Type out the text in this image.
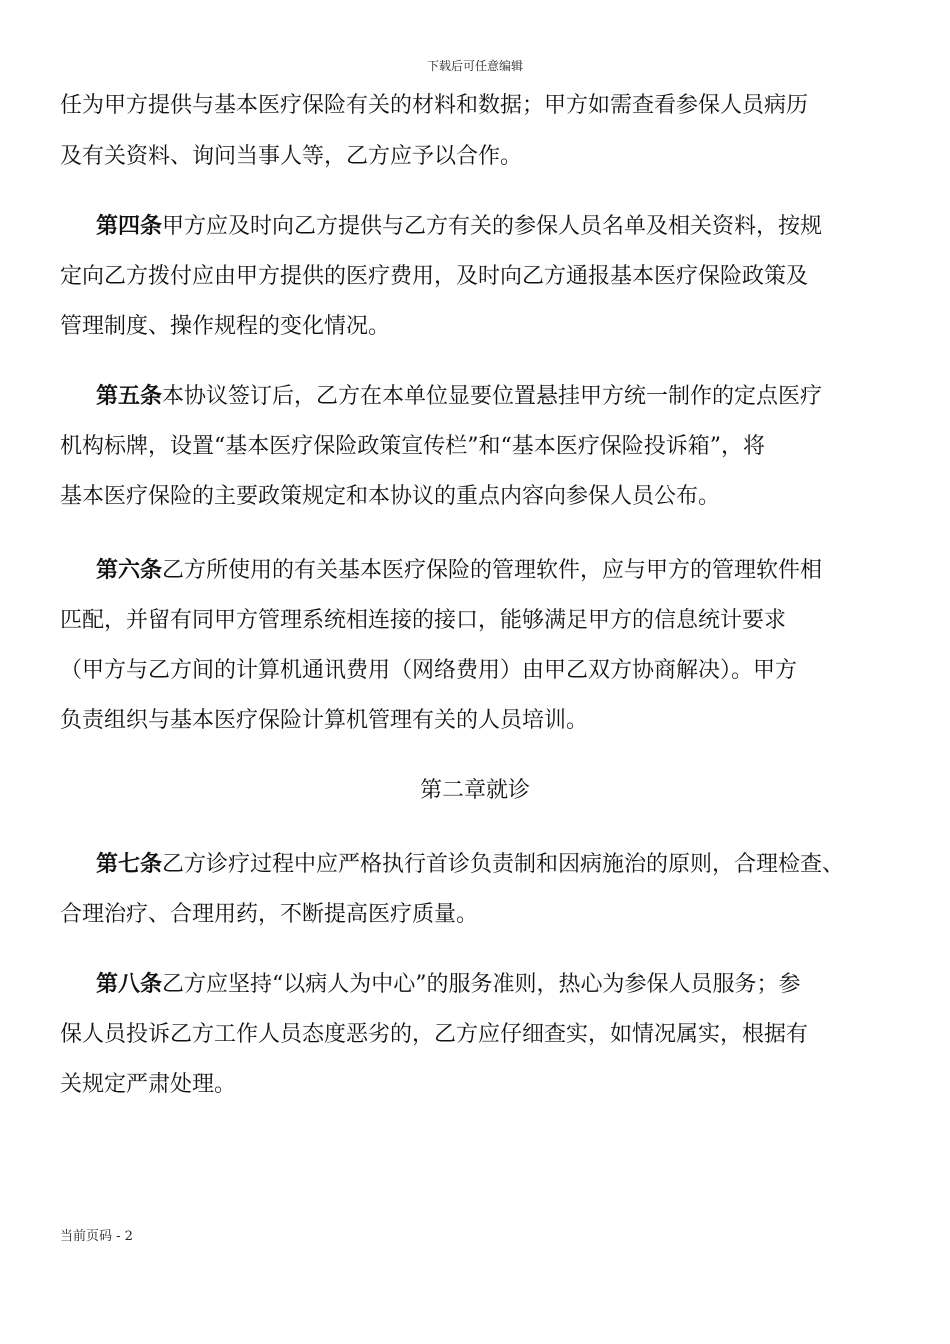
下载后可任意编辑
任为甲方提供与基本医疗保险有关的材料和数据；甲方如需查看参保人员病历
及有关资料、询问当事人等，乙方应予以合作。
第四条甲方应及时向乙方提供与乙方有关的参保人员名单及相关资料，按规
定向乙方拨付应由甲方提供的医疗费用，及时向乙方通报基本医疗保险政策及
管理制度、操作规程的变化情况。
第五条本协议签订后，乙方在本单位显要位置悬挂甲方统一制作的定点医疗
机构标牌，设置“基本医疗保险政策宣传栏”和“基本医疗保险投诉箱”，将
基本医疗保险的主要政策规定和本协议的重点内容向参保人员公布。
第六条乙方所使用的有关基本医疗保险的管理软件，应与甲方的管理软件相
匹配，并留有同甲方管理系统相连接的接口，能够满足甲方的信息统计要求
（甲方与乙方间的计算机通讯费用（网络费用）由甲乙双方协商解决）。甲方
负责组织与基本医疗保险计算机管理有关的人员培训。
第二章就诊
第七条乙方诊疗过程中应严格执行首诊负责制和因病施治的原则，合理检查、
合理治疗、合理用药，不断提高医疗质量。
第八条乙方应坚持“以病人为中心”的服务准则，热心为参保人员服务；参
保人员投诉乙方工作人员态度恶劣的，乙方应仔细查实，如情况属实，根据有
关规定严肃处理。
当前页码 - 2
